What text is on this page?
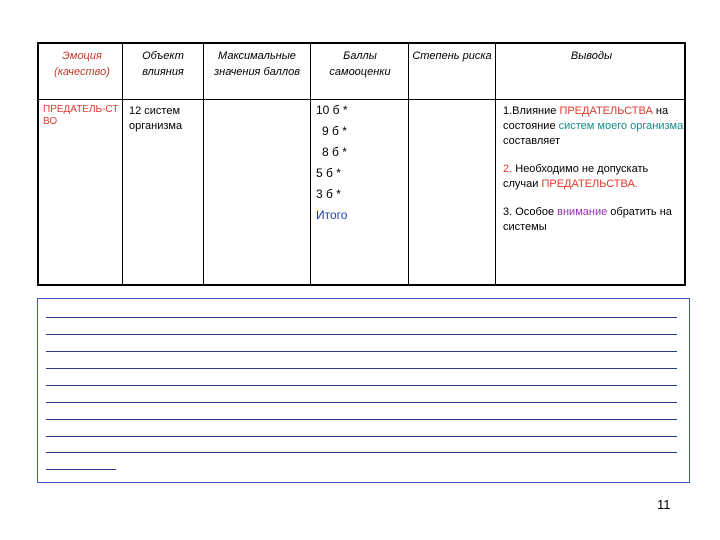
Эмоция (качество)
Объект влияния
Максимальные значения баллов
Баллы самооценки
Степень риска	Выводы
ПРЕДАТЕЛЬ-СТВО
12 систем организма
10 б *
9 б *
8 б *
5 б *
3 б *
Итого
1.Влияние ПРЕДАТЕЛЬСТВА на состояние систем моего организма составляет
2. Необходимо не допускать случаи ПРЕДАТЕЛЬСТВА.
3. Особое внимание обратить на системы
11
